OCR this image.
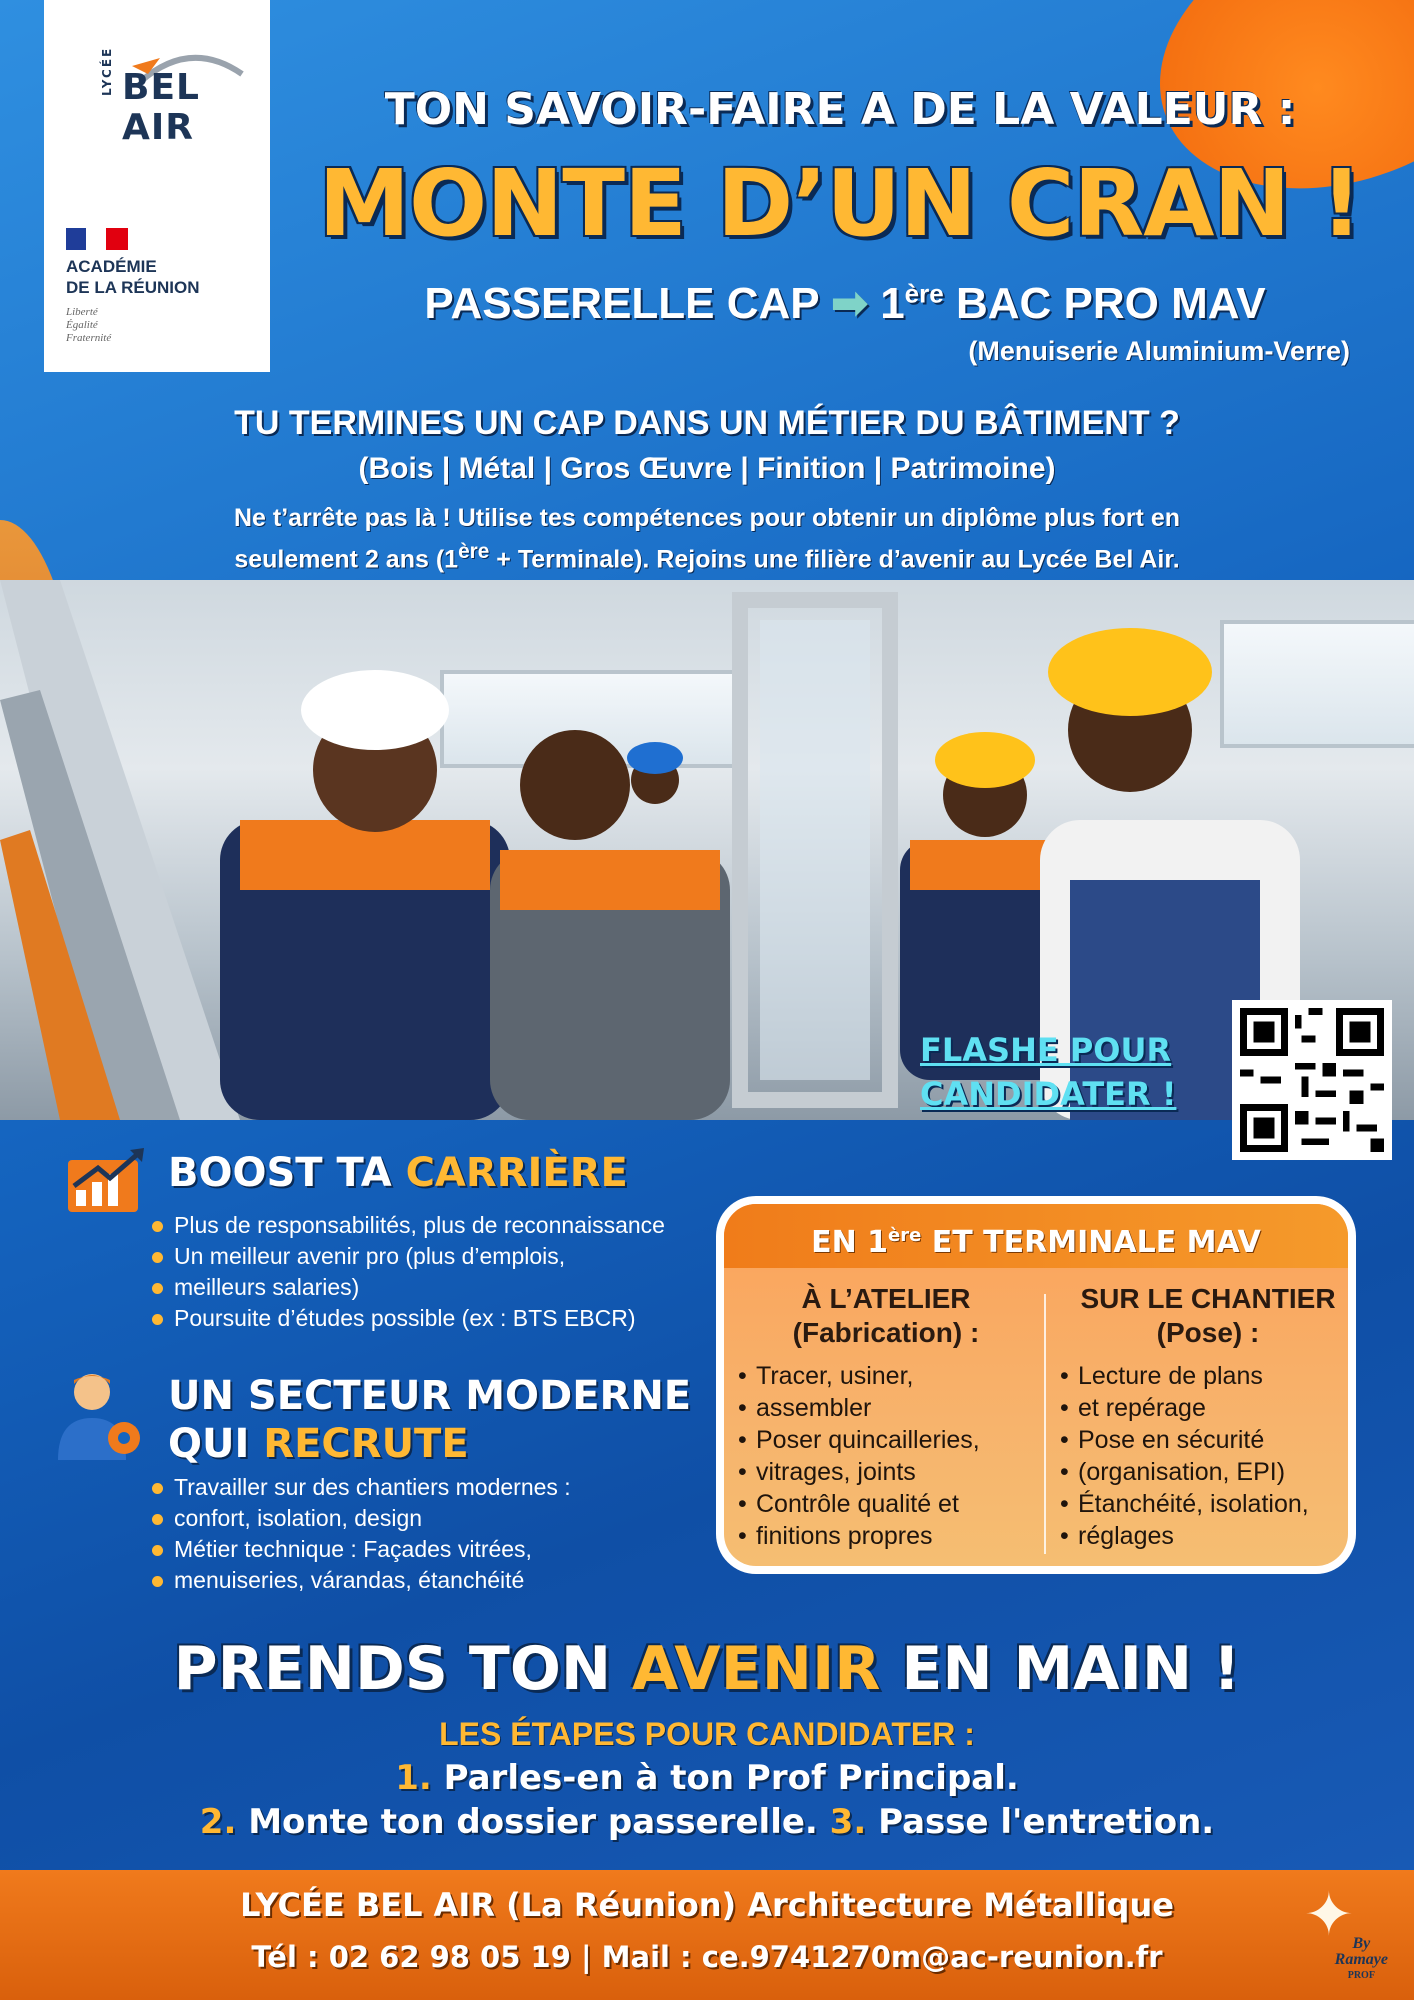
LYCÉE BEL
AIR
ACADÉMIE
DE LA RÉUNION
Liberté
Égalité
Fraternité
TON SAVOIR-FAIRE A DE LA VALEUR :
MONTE D’UN CRAN !
PASSERELLE CAP ➡ 1ère BAC PRO MAV
(Menuiserie Aluminium-Verre)
TU TERMINES UN CAP DANS UN MÉTIER DU BÂTIMENT ?
(Bois | Métal | Gros Œuvre | Finition | Patrimoine)
Ne t’arrête pas là ! Utilise tes compétences pour obtenir un diplôme plus fort en
seulement 2 ans (1ère + Terminale). Rejoins une filière d’avenir au Lycée Bel Air.
FLASHE POUR
CANDIDATER !
BOOST TA CARRIÈRE
Plus de responsabilités, plus de reconnaissance
Un meilleur avenir pro (plus d’emplois,
meilleurs salaries)
Poursuite d’études possible (ex : BTS EBCR)
UN SECTEUR MODERNE
QUI RECRUTE
Travailler sur des chantiers modernes :
confort, isolation, design
Métier technique : Façades vitrées,
menuiseries, várandas, étanchéité
EN 1ère ET TERMINALE MAV
À L’ATELIER
(Fabrication) :
• Tracer, usiner,
• assembler
• Poser quincailleries,
• vitrages, joints
• Contrôle qualité et
• finitions propres
SUR LE CHANTIER
(Pose) :
• Lecture de plans
• et repérage
• Pose en sécurité
• (organisation, EPI)
• Étanchéité, isolation,
• réglages
PRENDS TON AVENIR EN MAIN !
LES ÉTAPES POUR CANDIDATER :
1. Parles-en à ton Prof Principal.
2. Monte ton dossier passerelle. 3. Passe l'entretion.
LYCÉE BEL AIR (La Réunion) Architecture Métallique
Tél : 02 62 98 05 19 | Mail : ce.9741270m@ac-reunion.fr
✦
By
Ramaye
PROF
